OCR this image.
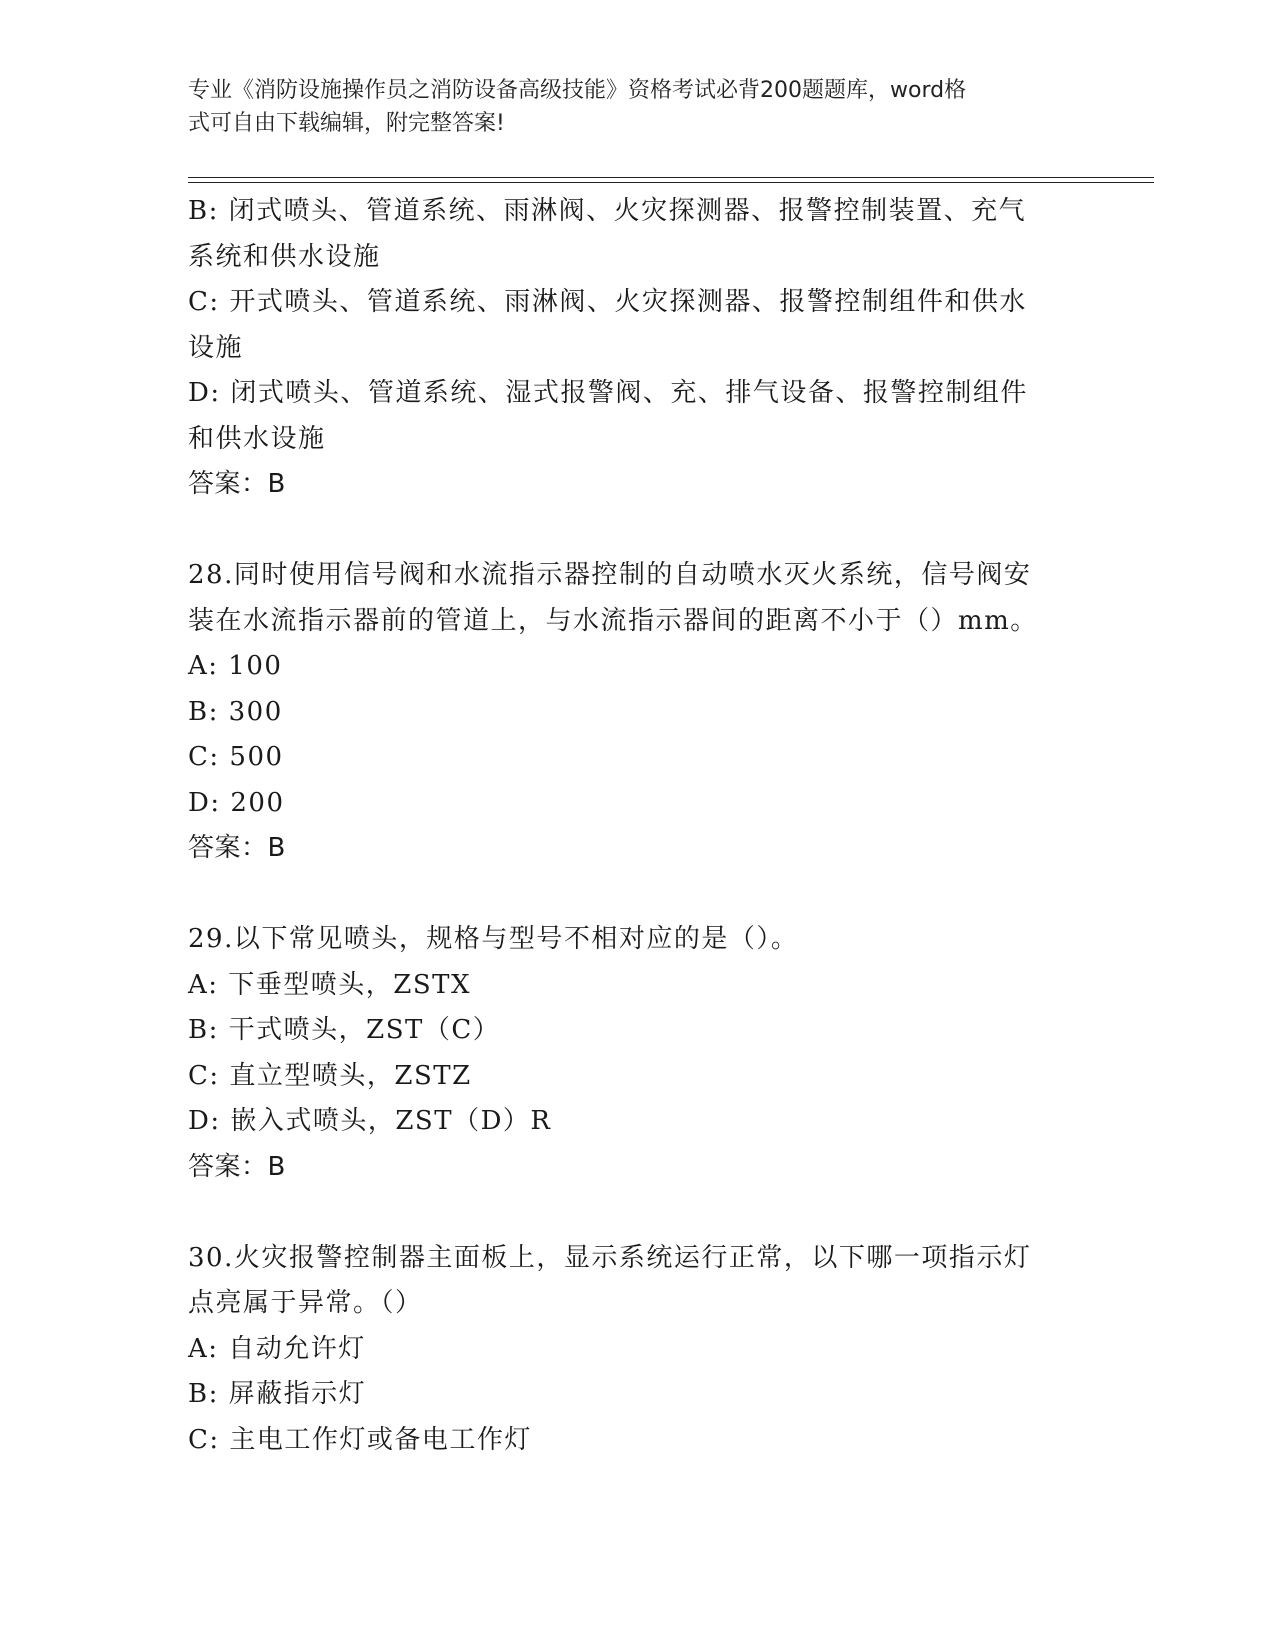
专业《消防设施操作员之消防设备高级技能》资格考试必背200题题库，word格
式可自由下载编辑，附完整答案!
B: 闭式喷头、管道系统、雨淋阀、火灾探测器、报警控制装置、充气
系统和供水设施
C: 开式喷头、管道系统、雨淋阀、火灾探测器、报警控制组件和供水
设施
D: 闭式喷头、管道系统、湿式报警阀、充、排气设备、报警控制组件
和供水设施
答案：B
28.同时使用信号阀和水流指示器控制的自动喷水灭火系统，信号阀安
装在水流指示器前的管道上，与水流指示器间的距离不小于（）mm。
A: 100
B: 300
C: 500
D: 200
答案：B
29.以下常见喷头，规格与型号不相对应的是（）。
A: 下垂型喷头，ZSTX
B: 干式喷头，ZST（C）
C: 直立型喷头，ZSTZ
D: 嵌入式喷头，ZST（D）R
答案：B
30.火灾报警控制器主面板上，显示系统运行正常，以下哪一项指示灯
点亮属于异常。（）
A: 自动允许灯
B: 屏蔽指示灯
C: 主电工作灯或备电工作灯
